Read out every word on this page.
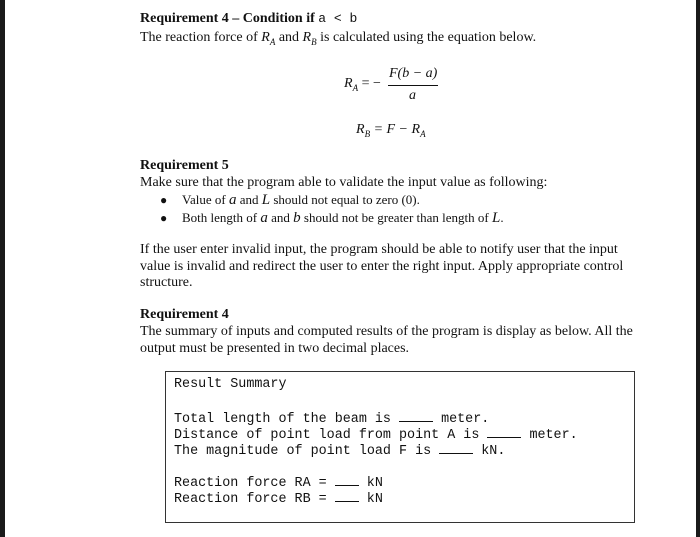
Requirement 4 – Condition if a < b
The reaction force of $R_A$ and $R_B$ is calculated using the equation below.
$R_A$ = −
F(b − a)
a
$R_B = F - R_A$
Requirement 5
Make sure that the program able to validate the input value as following:
● Value of a and L should not equal to zero (0).
● Both length of a and b should not be greater than length of L.
If the user enter invalid input, the program should be able to notify user that the input
value is invalid and redirect the user to enter the right input. Apply appropriate control
structure.
Requirement 4
The summary of inputs and computed results of the program is display as below. All the
output must be presented in two decimal places.
Result Summary
Total length of the beam is	meter.
Distance of point load from point A is	meter.
The magnitude of point load F is	kN.
Reaction force RA =	kN
Reaction force RB =	kN
